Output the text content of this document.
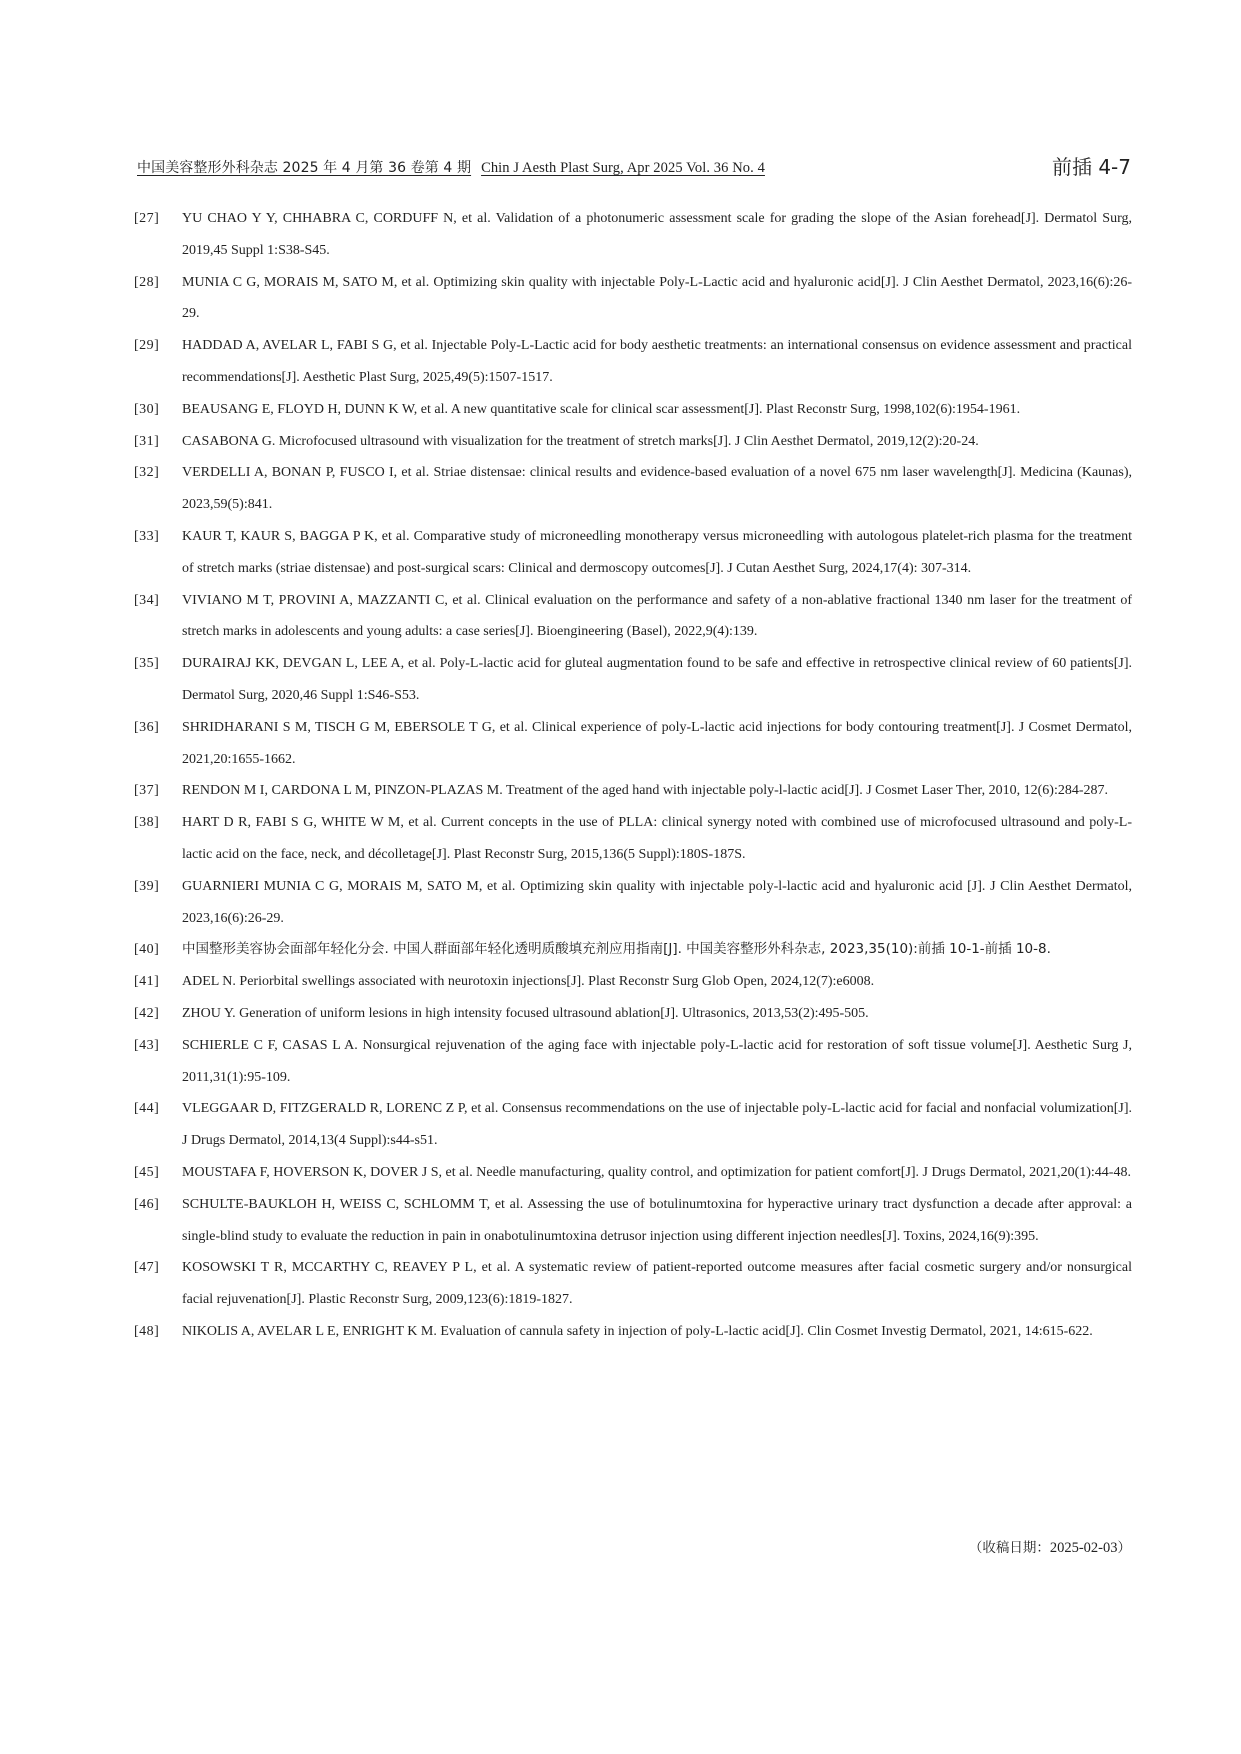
中国美容整形外科杂志 2025 年 4 月第 36 卷第 4 期 Chin J Aesth Plast Surg, Apr 2025 Vol. 36 No. 4	前插 4-7
[27]	YU CHAO Y Y, CHHABRA C, CORDUFF N, et al. Validation of a photonumeric assessment scale for grading the slope of the Asian forehead[J]. Dermatol Surg, 2019,45 Suppl 1:S38-S45.
[28]	MUNIA C G, MORAIS M, SATO M, et al. Optimizing skin quality with injectable Poly-L-Lactic acid and hyaluronic acid[J]. J Clin Aesthet Dermatol, 2023,16(6):26-29.
[29]	HADDAD A, AVELAR L, FABI S G, et al. Injectable Poly-L-Lactic acid for body aesthetic treatments: an international consensus on evidence assessment and practical recommendations[J]. Aesthetic Plast Surg, 2025,49(5):1507-1517.
[30]	BEAUSANG E, FLOYD H, DUNN K W, et al. A new quantitative scale for clinical scar assessment[J]. Plast Reconstr Surg, 1998,102(6):1954-1961.
[31]	CASABONA G. Microfocused ultrasound with visualization for the treatment of stretch marks[J]. J Clin Aesthet Dermatol, 2019,12(2):20-24.
[32]	VERDELLI A, BONAN P, FUSCO I, et al. Striae distensae: clinical results and evidence-based evaluation of a novel 675 nm laser wavelength[J]. Medicina (Kaunas), 2023,59(5):841.
[33]	KAUR T, KAUR S, BAGGA P K, et al. Comparative study of microneedling monotherapy versus microneedling with autologous platelet-rich plasma for the treatment of stretch marks (striae distensae) and post-surgical scars: Clinical and dermoscopy outcomes[J]. J Cutan Aesthet Surg, 2024,17(4): 307-314.
[34]	VIVIANO M T, PROVINI A, MAZZANTI C, et al. Clinical evaluation on the performance and safety of a non-ablative fractional 1340 nm laser for the treatment of stretch marks in adolescents and young adults: a case series[J]. Bioengineering (Basel), 2022,9(4):139.
[35]	DURAIRAJ KK, DEVGAN L, LEE A, et al. Poly-L-lactic acid for gluteal augmentation found to be safe and effective in retrospective clinical review of 60 patients[J]. Dermatol Surg, 2020,46 Suppl 1:S46-S53.
[36]	SHRIDHARANI S M, TISCH G M, EBERSOLE T G, et al. Clinical experience of poly-L-lactic acid injections for body contouring treatment[J]. J Cosmet Dermatol, 2021,20:1655-1662.
[37]	RENDON M I, CARDONA L M, PINZON-PLAZAS M. Treatment of the aged hand with injectable poly-l-lactic acid[J]. J Cosmet Laser Ther, 2010, 12(6):284-287.
[38]	HART D R, FABI S G, WHITE W M, et al. Current concepts in the use of PLLA: clinical synergy noted with combined use of microfocused ultrasound and poly-L-lactic acid on the face, neck, and décolletage[J]. Plast Reconstr Surg, 2015,136(5 Suppl):180S-187S.
[39]	GUARNIERI MUNIA C G, MORAIS M, SATO M, et al. Optimizing skin quality with injectable poly-l-lactic acid and hyaluronic acid [J]. J Clin Aesthet Dermatol, 2023,16(6):26-29.
[40]	中国整形美容协会面部年轻化分会. 中国人群面部年轻化透明质酸填充剂应用指南[J]. 中国美容整形外科杂志, 2023,35(10):前插 10-1-前插 10-8.
[41]	ADEL N. Periorbital swellings associated with neurotoxin injections[J]. Plast Reconstr Surg Glob Open, 2024,12(7):e6008.
[42]	ZHOU Y. Generation of uniform lesions in high intensity focused ultrasound ablation[J]. Ultrasonics, 2013,53(2):495-505.
[43]	SCHIERLE C F, CASAS L A. Nonsurgical rejuvenation of the aging face with injectable poly-L-lactic acid for restoration of soft tissue volume[J]. Aesthetic Surg J, 2011,31(1):95-109.
[44]	VLEGGAAR D, FITZGERALD R, LORENC Z P, et al. Consensus recommendations on the use of injectable poly-L-lactic acid for facial and nonfacial volumization[J]. J Drugs Dermatol, 2014,13(4 Suppl):s44-s51.
[45]	MOUSTAFA F, HOVERSON K, DOVER J S, et al. Needle manufacturing, quality control, and optimization for patient comfort[J]. J Drugs Dermatol, 2021,20(1):44-48.
[46]	SCHULTE-BAUKLOH H, WEISS C, SCHLOMM T, et al. Assessing the use of botulinumtoxina for hyperactive urinary tract dysfunction a decade after approval: a single-blind study to evaluate the reduction in pain in onabotulinumtoxina detrusor injection using different injection needles[J]. Toxins, 2024,16(9):395.
[47]	KOSOWSKI T R, MCCARTHY C, REAVEY P L, et al. A systematic review of patient-reported outcome measures after facial cosmetic surgery and/or nonsurgical facial rejuvenation[J]. Plastic Reconstr Surg, 2009,123(6):1819-1827.
[48]	NIKOLIS A, AVELAR L E, ENRIGHT K M. Evaluation of cannula safety in injection of poly-L-lactic acid[J]. Clin Cosmet Investig Dermatol, 2021, 14:615-622.
（收稿日期：2025-02-03）
